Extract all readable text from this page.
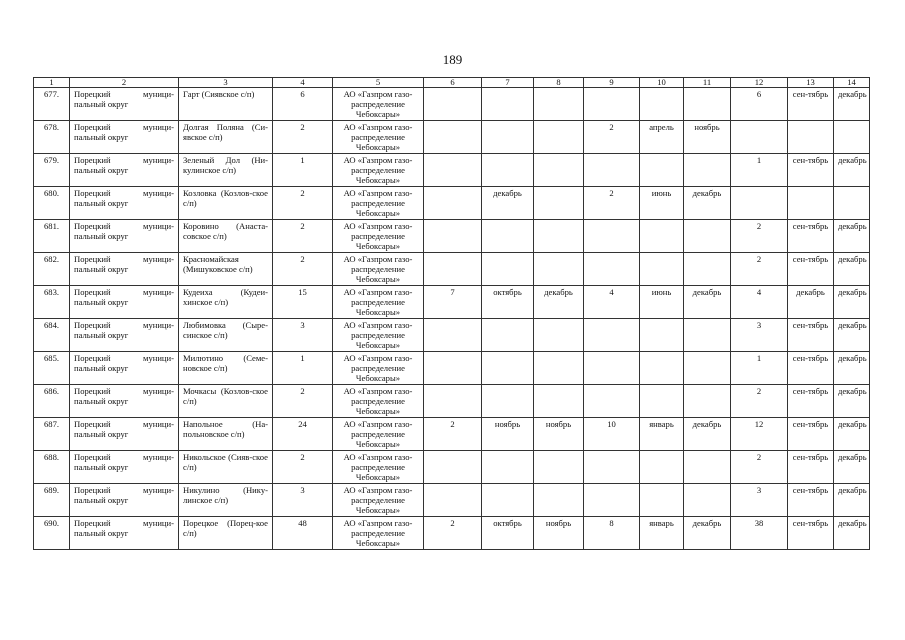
189
1	2	3	4	5	6	7	8	9	10	11	12	13	14
677.	Порецкий муници-пальный округ	Гарт (Сиявское с/п)	6	АО «Газпром газо-распределение Чебоксары»							6	сен-тябрь	декабрь
678.	Порецкий муници-пальный округ	Долгая Поляна (Си-явское с/п)	2	АО «Газпром газо-распределение Чебоксары»				2	апрель	ноябрь			
679.	Порецкий муници-пальный округ	Зеленый Дол (Ни-кулинское с/п)	1	АО «Газпром газо-распределение Чебоксары»							1	сен-тябрь	декабрь
680.	Порецкий муници-пальный округ	Козловка (Козлов-ское с/п)	2	АО «Газпром газо-распределение Чебоксары»		декабрь		2	июнь	декабрь			
681.	Порецкий муници-пальный округ	Коровино (Анаста-совское с/п)	2	АО «Газпром газо-распределение Чебоксары»							2	сен-тябрь	декабрь
682.	Порецкий муници-пальный округ	Красномайская (Мишуковское с/п)	2	АО «Газпром газо-распределение Чебоксары»							2	сен-тябрь	декабрь
683.	Порецкий муници-пальный округ	Кудеиха (Кудеи-хинское с/п)	15	АО «Газпром газо-распределение Чебоксары»	7	октябрь	декабрь	4	июнь	декабрь	4	декабрь	декабрь
684.	Порецкий муници-пальный округ	Любимовка (Сыре-синское с/п)	3	АО «Газпром газо-распределение Чебоксары»							3	сен-тябрь	декабрь
685.	Порецкий муници-пальный округ	Милютино (Семе-новское с/п)	1	АО «Газпром газо-распределение Чебоксары»							1	сен-тябрь	декабрь
686.	Порецкий муници-пальный округ	Мочкасы (Козлов-ское с/п)	2	АО «Газпром газо-распределение Чебоксары»							2	сен-тябрь	декабрь
687.	Порецкий муници-пальный округ	Напольное (На-польновское с/п)	24	АО «Газпром газо-распределение Чебоксары»	2	ноябрь	ноябрь	10	январь	декабрь	12	сен-тябрь	декабрь
688.	Порецкий муници-пальный округ	Никольское (Сияв-ское с/п)	2	АО «Газпром газо-распределение Чебоксары»							2	сен-тябрь	декабрь
689.	Порецкий муници-пальный округ	Никулино (Нику-линское с/п)	3	АО «Газпром газо-распределение Чебоксары»							3	сен-тябрь	декабрь
690.	Порецкий муници-пальный округ	Порецкое (Порец-кое с/п)	48	АО «Газпром газо-распределение Чебоксары»	2	октябрь	ноябрь	8	январь	декабрь	38	сен-тябрь	декабрь
